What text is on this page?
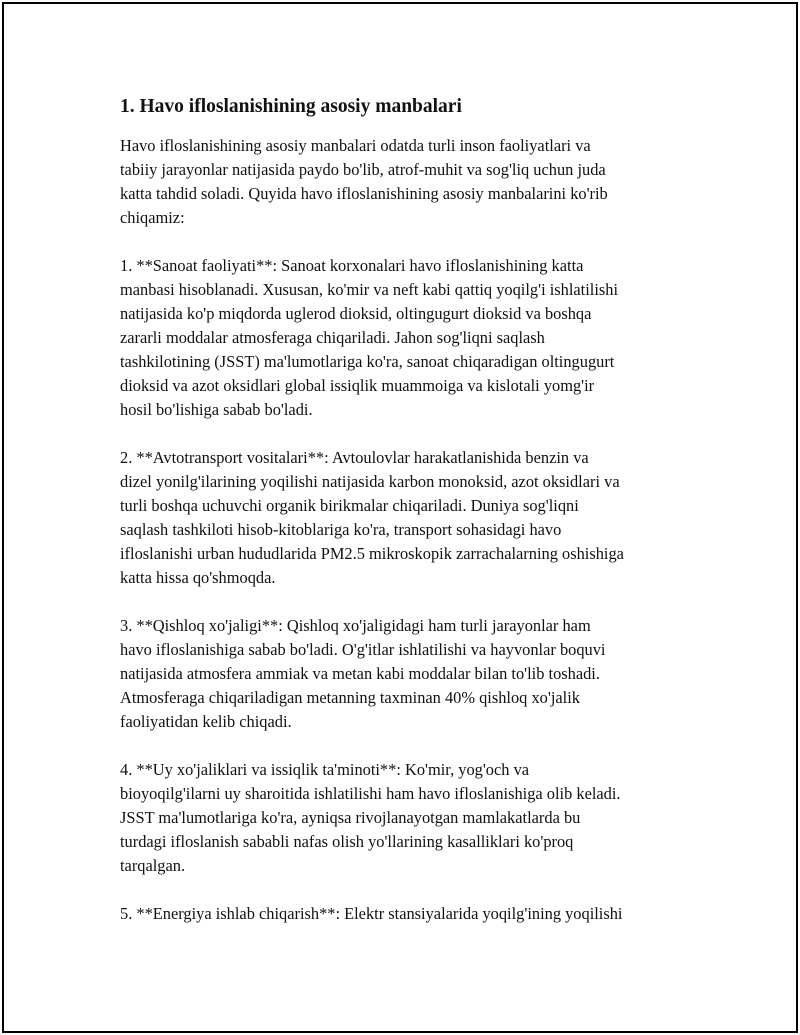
1. Havo ifloslanishining asosiy manbalari

Havo ifloslanishining asosiy manbalari odatda turli inson faoliyatlari va
tabiiy jarayonlar natijasida paydo bo'lib, atrof-muhit va sog'liq uchun juda
katta tahdid soladi. Quyida havo ifloslanishining asosiy manbalarini ko'rib
chiqamiz:

1. **Sanoat faoliyati**: Sanoat korxonalari havo ifloslanishining katta
manbasi hisoblanadi. Xususan, ko'mir va neft kabi qattiq yoqilg'i ishlatilishi
natijasida ko'p miqdorda uglerod dioksid, oltingugurt dioksid va boshqa
zararli moddalar atmosferaga chiqariladi. Jahon sog'liqni saqlash
tashkilotining (JSST) ma'lumotlariga ko'ra, sanoat chiqaradigan oltingugurt
dioksid va azot oksidlari global issiqlik muammoiga va kislotali yomg'ir
hosil bo'lishiga sabab bo'ladi.

2. **Avtotransport vositalari**: Avtoulovlar harakatlanishida benzin va
dizel yonilg'ilarining yoqilishi natijasida karbon monoksid, azot oksidlari va
turli boshqa uchuvchi organik birikmalar chiqariladi. Duniya sog'liqni
saqlash tashkiloti hisob-kitoblariga ko'ra, transport sohasidagi havo
ifloslanishi urban hududlarida PM2.5 mikroskopik zarrachalarning oshishiga
katta hissa qo'shmoqda.

3. **Qishloq xo'jaligi**: Qishloq xo'jaligidagi ham turli jarayonlar ham
havo ifloslanishiga sabab bo'ladi. O'g'itlar ishlatilishi va hayvonlar boquvi
natijasida atmosfera ammiak va metan kabi moddalar bilan to'lib toshadi.
Atmosferaga chiqariladigan metanning taxminan 40% qishloq xo'jalik
faoliyatidan kelib chiqadi.

4. **Uy xo'jaliklari va issiqlik ta'minoti**: Ko'mir, yog'och va
bioyoqilg'ilarni uy sharoitida ishlatilishi ham havo ifloslanishiga olib keladi.
JSST ma'lumotlariga ko'ra, ayniqsa rivojlanayotgan mamlakatlarda bu
turdagi ifloslanish sababli nafas olish yo'llarining kasalliklari ko'proq
tarqalgan.

5. **Energiya ishlab chiqarish**: Elektr stansiyalarida yoqilg'ining yoqilishi
